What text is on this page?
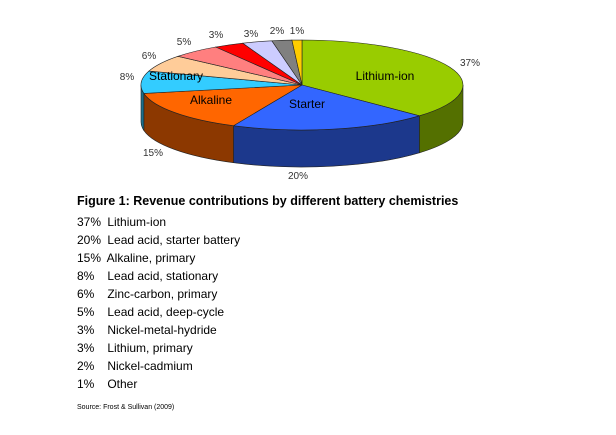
37%
Lithium-ion
20%
Starter
15%
Alkaline
8% Stationary
6%
5%
3% 3% 2% 1%
Figure 1: Revenue contributions by different battery chemistries
37% Lithium-ion
20% Lead acid, starter battery
15% Alkaline, primary
8% Lead acid, stationary
6% Zinc-carbon, primary
5% Lead acid, deep-cycle
3% Nickel-metal-hydride
3% Lithium, primary
2% Nickel-cadmium
1% Other
Source: Frost & Sullivan (2009)
